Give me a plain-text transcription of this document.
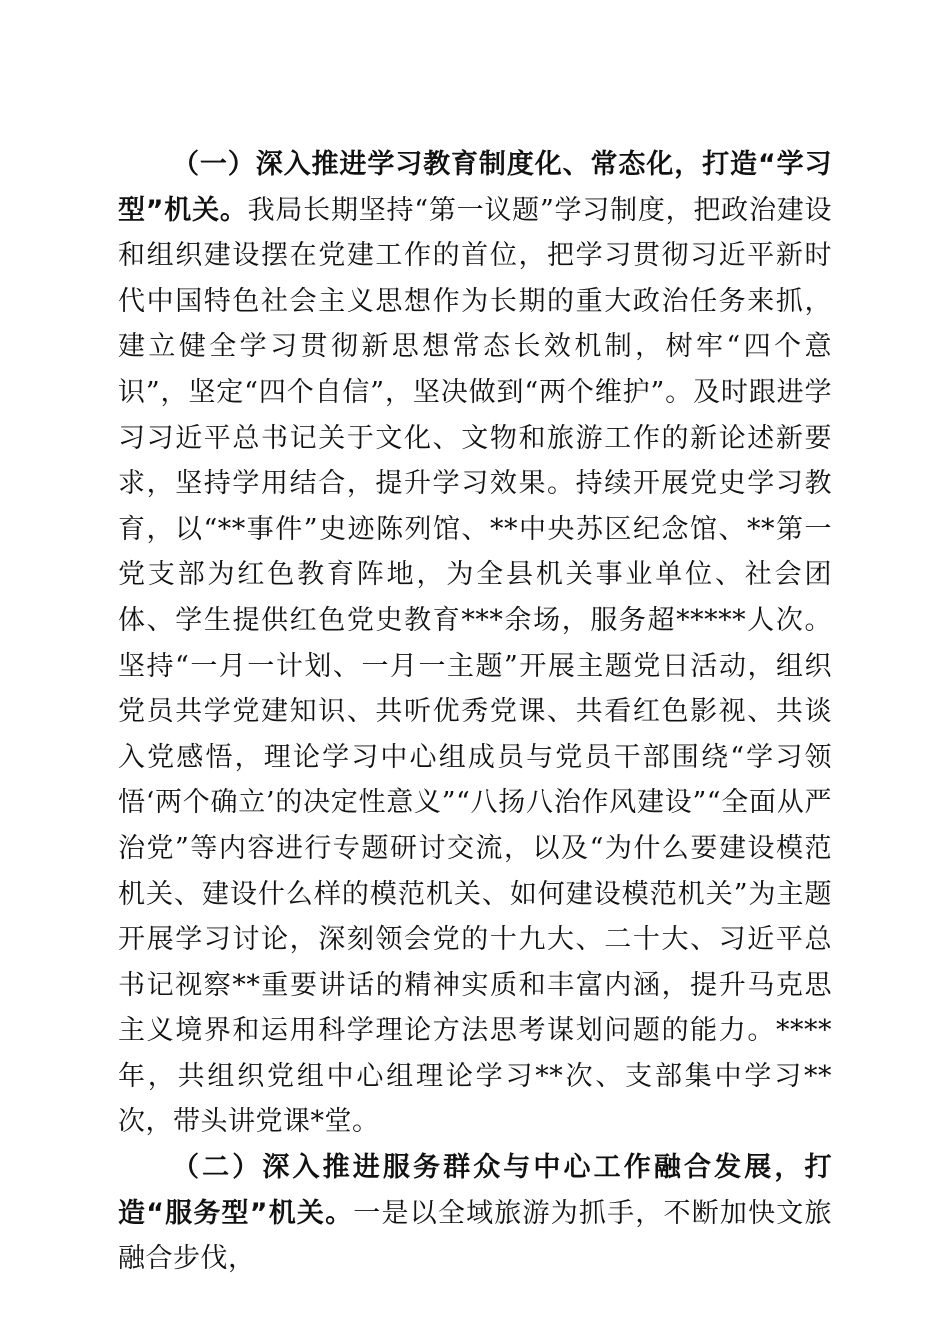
（一）深入推进学习教育制度化、常态化，打造“学习型”机关。我局长期坚持“第一议题”学习制度，把政治建设和组织建设摆在党建工作的首位，把学习贯彻习近平新时代中国特色社会主义思想作为长期的重大政治任务来抓，建立健全学习贯彻新思想常态长效机制，树牢“四个意识”，坚定“四个自信”，坚决做到“两个维护”。及时跟进学习习近平总书记关于文化、文物和旅游工作的新论述新要求，坚持学用结合，提升学习效果。持续开展党史学习教育，以“**事件”史迹陈列馆、**中央苏区纪念馆、**第一党支部为红色教育阵地，为全县机关事业单位、社会团体、学生提供红色党史教育***余场，服务超*****人次。坚持“一月一计划、一月一主题”开展主题党日活动，组织党员共学党建知识、共听优秀党课、共看红色影视、共谈入党感悟，理论学习中心组成员与党员干部围绕“学习领悟‘两个确立’的决定性意义”“八扬八治作风建设”“全面从严治党”等内容进行专题研讨交流，以及“为什么要建设模范机关、建设什么样的模范机关、如何建设模范机关”为主题开展学习讨论，深刻领会党的十九大、二十大、习近平总书记视察**重要讲话的精神实质和丰富内涵，提升马克思主义境界和运用科学理论方法思考谋划问题的能力。****年，共组织党组中心组理论学习**次、支部集中学习**次，带头讲党课*堂。

（二）深入推进服务群众与中心工作融合发展，打造“服务型”机关。一是以全域旅游为抓手，不断加快文旅融合步伐，
